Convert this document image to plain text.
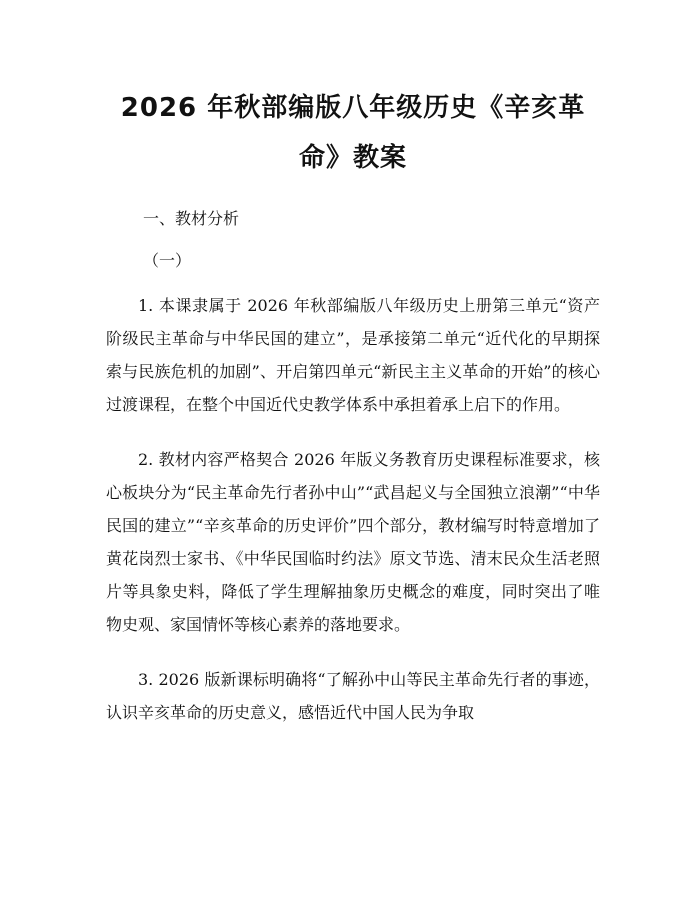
2026 年秋部编版八年级历史《辛亥革命》教案

一、教材分析

（一）

1. 本课隶属于 2026 年秋部编版八年级历史上册第三单元“资产阶级民主革命与中华民国的建立”，是承接第二单元“近代化的早期探索与民族危机的加剧”、开启第四单元“新民主主义革命的开始”的核心过渡课程，在整个中国近代史教学体系中承担着承上启下的作用。

2. 教材内容严格契合 2026 年版义务教育历史课程标准要求，核心板块分为“民主革命先行者孙中山”“武昌起义与全国独立浪潮”“中华民国的建立”“辛亥革命的历史评价”四个部分，教材编写时特意增加了黄花岗烈士家书、《中华民国临时约法》原文节选、清末民众生活老照片等具象史料，降低了学生理解抽象历史概念的难度，同时突出了唯物史观、家国情怀等核心素养的落地要求。

3. 2026 版新课标明确将“了解孙中山等民主革命先行者的事迹，认识辛亥革命的历史意义，感悟近代中国人民为争取
